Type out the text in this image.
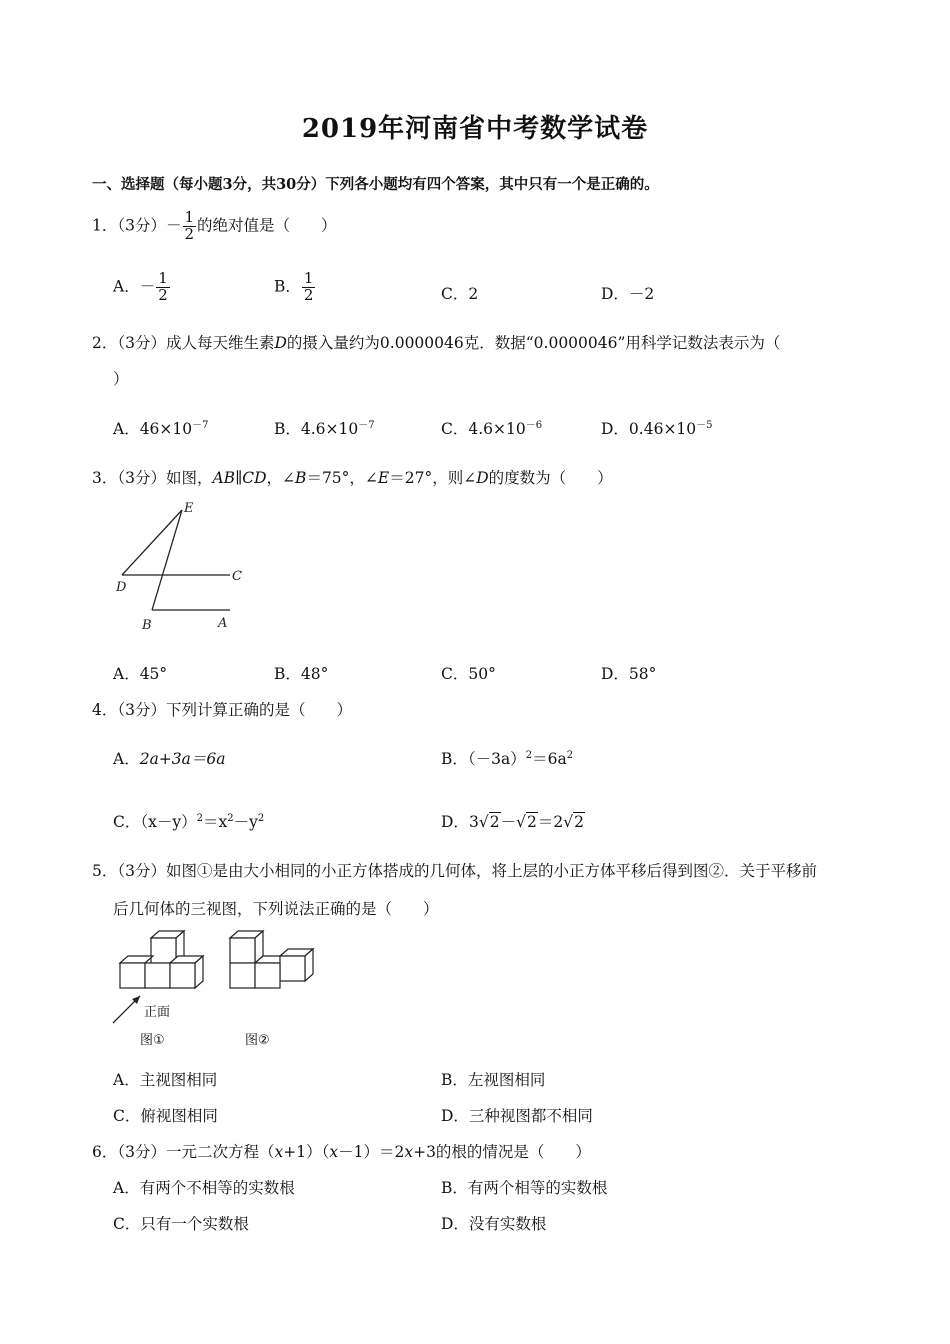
2019年河南省中考数学试卷
一、选择题（每小题3分，共30分）下列各小题均有四个答案，其中只有一个是正确的。
1．（3分）－ $\frac{1}{2}$ 的绝对值是（　　）
A．－ $\frac{1}{2}$	B． $\frac{1}{2}$	C．2	D．－2
2．（3分）成人每天维生素D的摄入量约为0.0000046克．数据“0.0000046”用科学记数法表示为（
）
A．$46\times 10^{-7}$	B．$4.6\times 10^{-7}$	C．$4.6\times 10^{-6}$	D．$0.46\times 10^{-5}$
3．（3分）如图，AB∥CD，∠B＝75°，∠E＝27°，则∠D的度数为（　　）
E
D
C
B	A
A．45°	B．48°	C．50°	D．58°
4．（3分）下列计算正确的是（　　）
A．2a+3a＝6a	B．$(-3a)^2=6a^2$
C．$(x-y)^2=x^2-y^2$	D．3√2－√2＝2√2
5．（3分）如图①是由大小相同的小正方体搭成的几何体，将上层的小正方体平移后得到图②．关于平移前
后几何体的三视图，下列说法正确的是（　　）
正面
图①	图②
A．主视图相同	B．左视图相同
C．俯视图相同	D．三种视图都不相同
6．（3分）一元二次方程（x+1）（x－1）＝2x+3的根的情况是（　　）
A．有两个不相等的实数根	B．有两个相等的实数根
C．只有一个实数根	D．没有实数根
